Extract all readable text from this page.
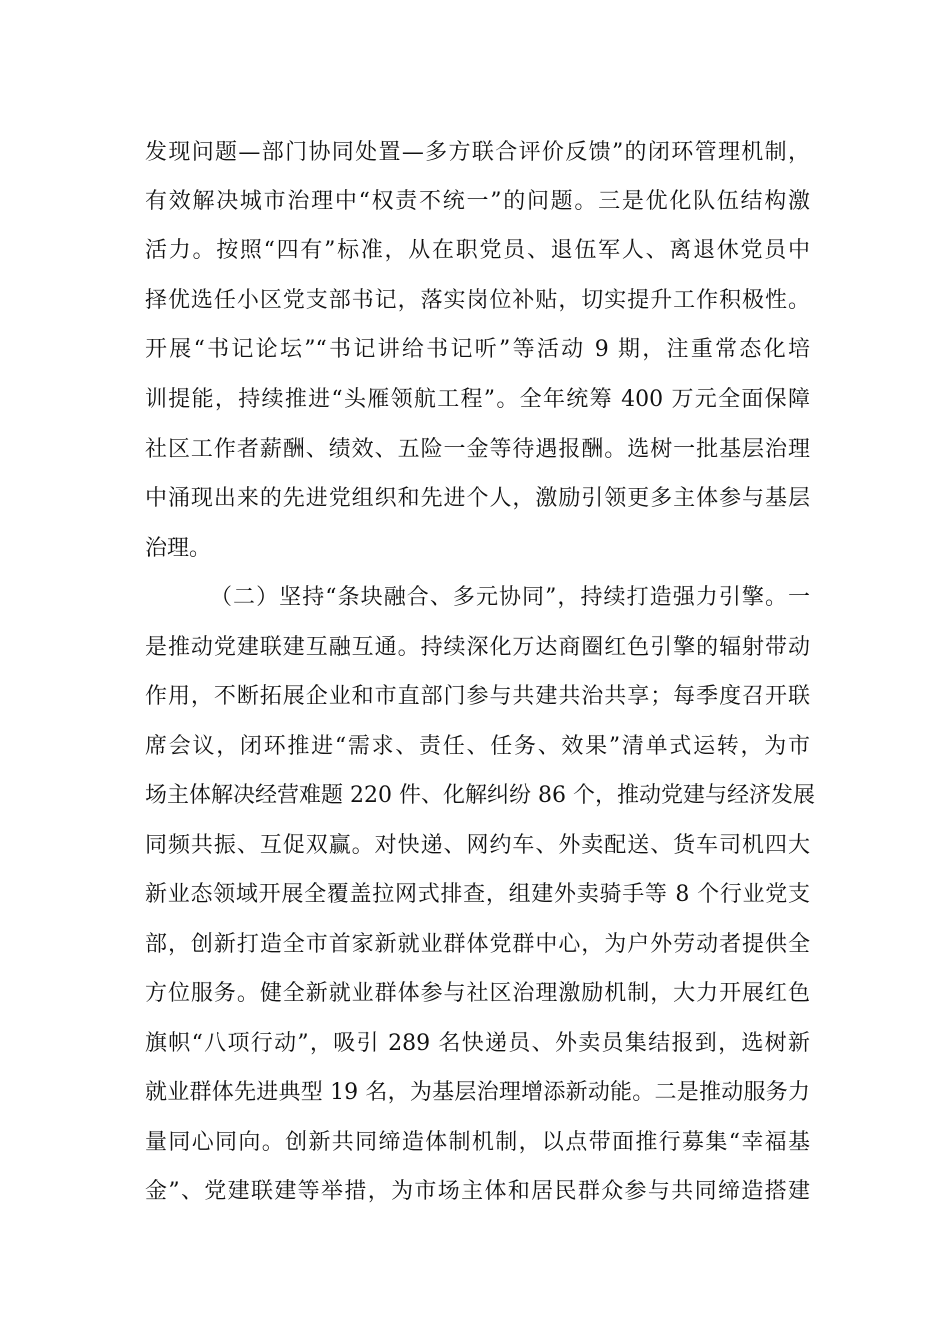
发现问题—部门协同处置—多方联合评价反馈”的闭环管理机制，
有效解决城市治理中“权责不统一”的问题。三是优化队伍结构激
活力。按照“四有”标准，从在职党员、退伍军人、离退休党员中
择优选任小区党支部书记，落实岗位补贴，切实提升工作积极性。
开展“书记论坛”“书记讲给书记听”等活动 9 期，注重常态化培
训提能，持续推进“头雁领航工程”。全年统筹 400 万元全面保障
社区工作者薪酬、绩效、五险一金等待遇报酬。选树一批基层治理
中涌现出来的先进党组织和先进个人，激励引领更多主体参与基层
治理。
（二）坚持“条块融合、多元协同”，持续打造强力引擎。一
是推动党建联建互融互通。持续深化万达商圈红色引擎的辐射带动
作用，不断拓展企业和市直部门参与共建共治共享；每季度召开联
席会议，闭环推进“需求、责任、任务、效果”清单式运转，为市
场主体解决经营难题 220 件、化解纠纷 86 个，推动党建与经济发展
同频共振、互促双赢。对快递、网约车、外卖配送、货车司机四大
新业态领域开展全覆盖拉网式排查，组建外卖骑手等 8 个行业党支
部，创新打造全市首家新就业群体党群中心，为户外劳动者提供全
方位服务。健全新就业群体参与社区治理激励机制，大力开展红色
旗帜“八项行动”，吸引 289 名快递员、外卖员集结报到，选树新
就业群体先进典型 19 名，为基层治理增添新动能。二是推动服务力
量同心同向。创新共同缔造体制机制，以点带面推行募集“幸福基
金”、党建联建等举措，为市场主体和居民群众参与共同缔造搭建
